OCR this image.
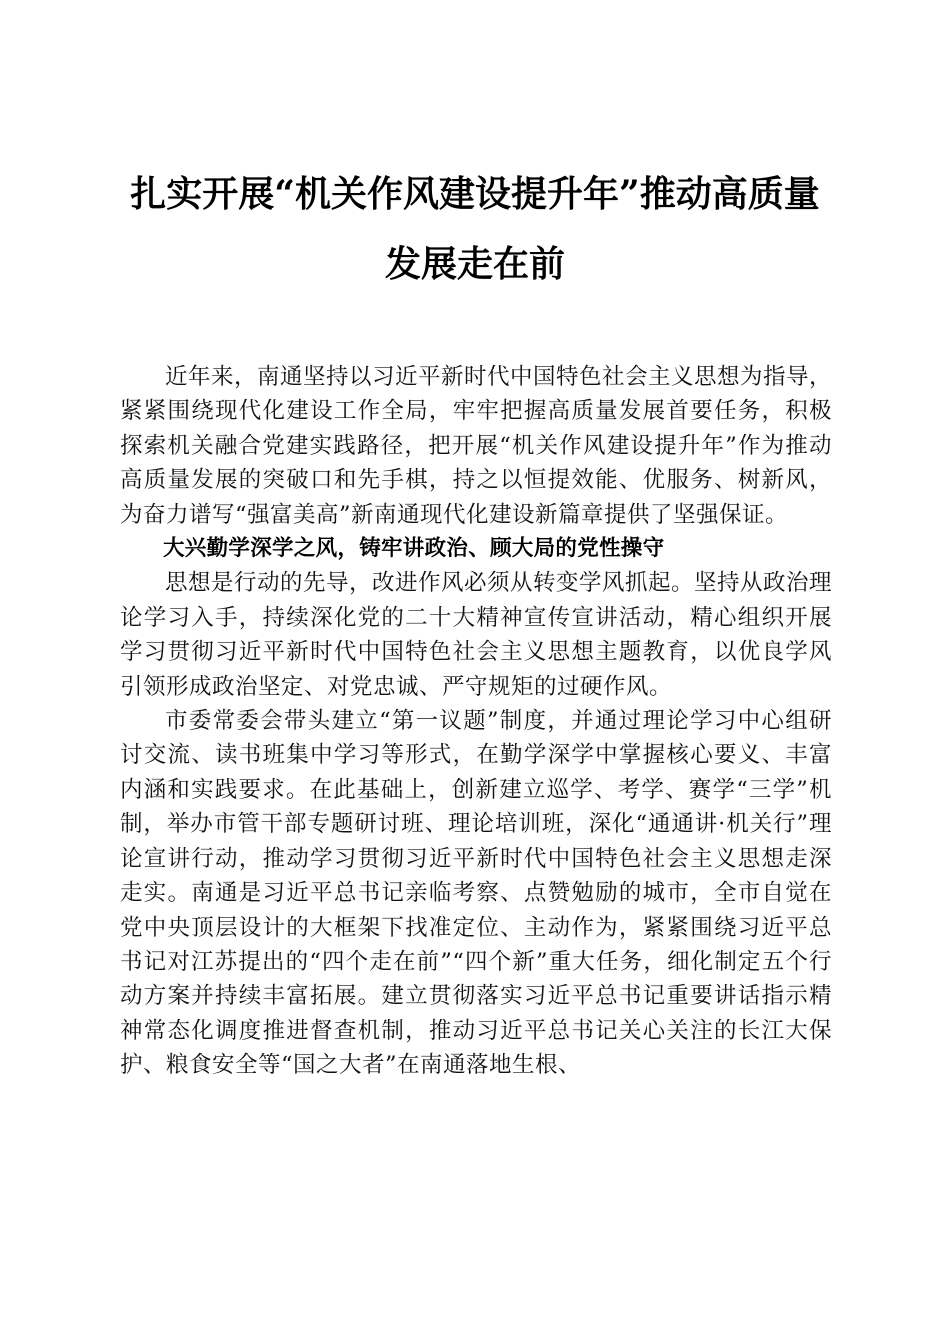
扎实开展“机关作风建设提升年”推动高质量
发展走在前

近年来，南通坚持以习近平新时代中国特色社会主义思想为指导，紧紧围绕现代化建设工作全局，牢牢把握高质量发展首要任务，积极探索机关融合党建实践路径，把开展“机关作风建设提升年”作为推动高质量发展的突破口和先手棋，持之以恒提效能、优服务、树新风，为奋力谱写“强富美高”新南通现代化建设新篇章提供了坚强保证。

大兴勤学深学之风，铸牢讲政治、顾大局的党性操守

思想是行动的先导，改进作风必须从转变学风抓起。坚持从政治理论学习入手，持续深化党的二十大精神宣传宣讲活动，精心组织开展学习贯彻习近平新时代中国特色社会主义思想主题教育，以优良学风引领形成政治坚定、对党忠诚、严守规矩的过硬作风。

市委常委会带头建立“第一议题”制度，并通过理论学习中心组研讨交流、读书班集中学习等形式，在勤学深学中掌握核心要义、丰富内涵和实践要求。在此基础上，创新建立巡学、考学、赛学“三学”机制，举办市管干部专题研讨班、理论培训班，深化“通通讲·机关行”理论宣讲行动，推动学习贯彻习近平新时代中国特色社会主义思想走深走实。南通是习近平总书记亲临考察、点赞勉励的城市，全市自觉在党中央顶层设计的大框架下找准定位、主动作为，紧紧围绕习近平总书记对江苏提出的“四个走在前”“四个新”重大任务，细化制定五个行动方案并持续丰富拓展。建立贯彻落实习近平总书记重要讲话指示精神常态化调度推进督查机制，推动习近平总书记关心关注的长江大保护、粮食安全等“国之大者”在南通落地生根、
